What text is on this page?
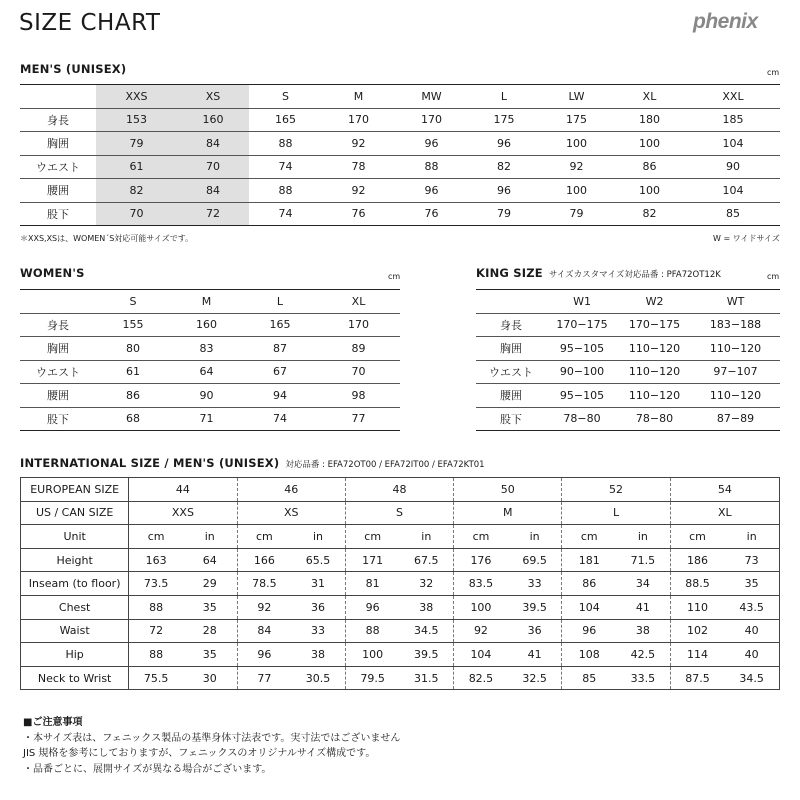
SIZE CHART	phenix
MEN'S (UNISEX)	cm
	XXS	XS	S	M	MW	L	LW	XL	XXL
身長	153	160	165	170	170	175	175	180	185
胸囲	79	84	88	92	96	96	100	100	104
ウエスト	61	70	74	78	88	82	92	86	90
腰囲	82	84	88	92	96	96	100	100	104
股下	70	72	74	76	76	79	79	82	85
＊XXS,XSは、WOMEN´S対応可能サイズです。	W = ワイドサイズ
WOMEN'S	cm
	S	M	L	XL
身長	155	160	165	170
胸囲	80	83	87	89
ウエスト	61	64	67	70
腰囲	86	90	94	98
股下	68	71	74	77
KING SIZE サイズカスタマイズ対応品番 : PFA72OT12K	cm
	W1	W2	WT
身長	170−175	170−175	183−188
胸囲	95−105	110−120	110−120
ウエスト	90−100	110−120	97−107
腰囲	95−105	110−120	110−120
股下	78−80	78−80	87−89
INTERNATIONAL SIZE / MEN'S (UNISEX) 対応品番 : EFA72OT00 / EFA72IT00 / EFA72KT01
EUROPEAN SIZE	44		46		48		50		52		54	
US / CAN SIZE	XXS		XS		S		M		L		XL	
Unit	cm	in	cm	in	cm	in	cm	in	cm	in	cm	in
Height	163	64	166	65.5	171	67.5	176	69.5	181	71.5	186	73
Inseam (to floor)	73.5	29	78.5	31	81	32	83.5	33	86	34	88.5	35
Chest	88	35	92	36	96	38	100	39.5	104	41	110	43.5
Waist	72	28	84	33	88	34.5	92	36	96	38	102	40
Hip	88	35	96	38	100	39.5	104	41	108	42.5	114	40
Neck to Wrist	75.5	30	77	30.5	79.5	31.5	82.5	32.5	85	33.5	87.5	34.5
■ご注意事項
・本サイズ表は、フェニックス製品の基準身体寸法表です。実寸法ではございません
JIS 規格を参考にしておりますが、フェニックスのオリジナルサイズ構成です。
・品番ごとに、展開サイズが異なる場合がございます。
